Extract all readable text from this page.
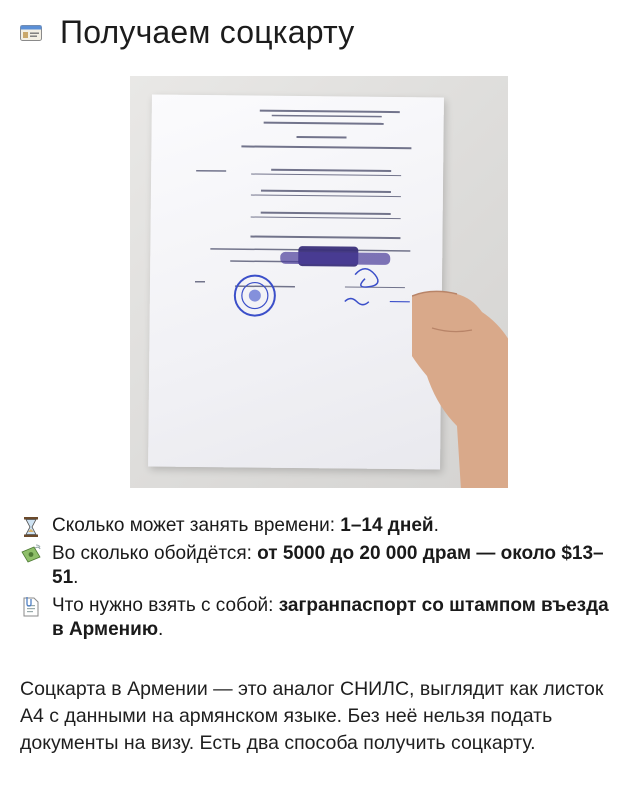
Получаем соцкарту
Сколько может занять времени: 1–14 дней.
Во сколько обойдётся: от 5000 до 20 000 драм — около $13–51.
Что нужно взять с собой: загранпаспорт со штампом въезда в Армению.
Соцкарта в Армении — это аналог СНИЛС, выглядит как листок А4 с данными на армянском языке. Без неё нельзя подать документы на визу. Есть два способа получить соцкарту.
